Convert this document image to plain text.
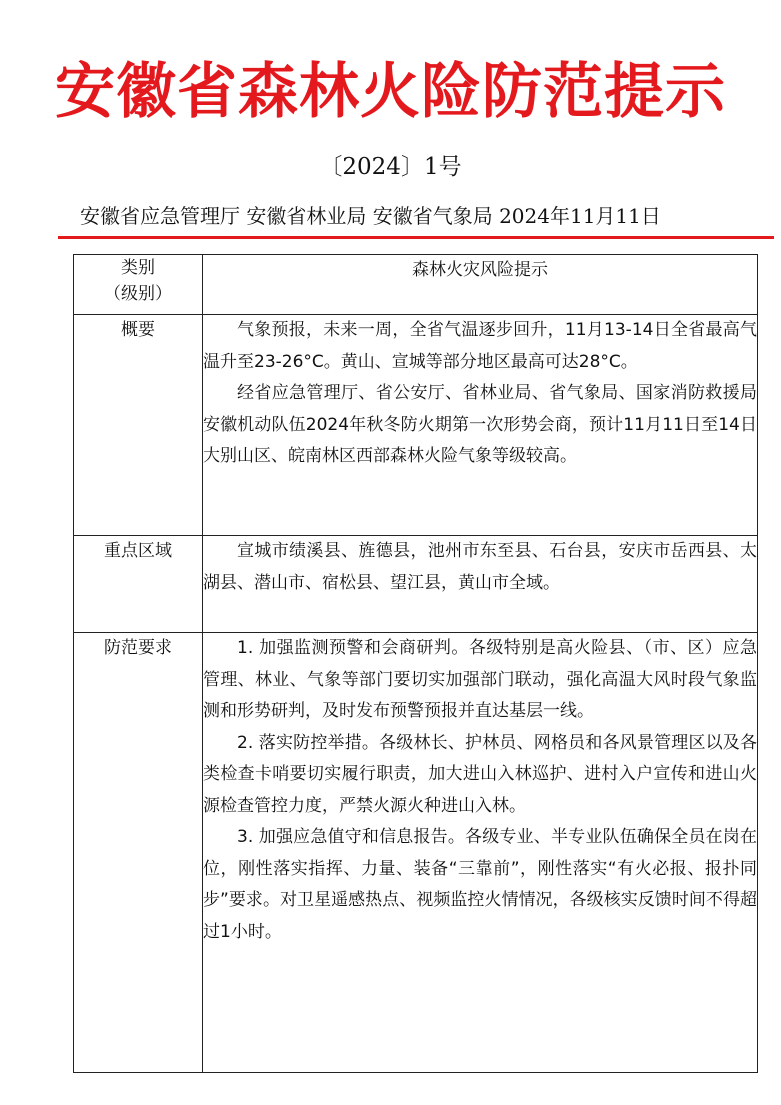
安徽省森林火险防范提示
〔2024〕1号
安徽省应急管理厅 安徽省林业局 安徽省气象局 2024年11月11日
类别
（级别）	森林火灾风险提示
概要	气象预报，未来一周，全省气温逐步回升，11月13-14日全省最高气温升至23-26°C。黄山、宣城等部分地区最高可达28°C。

经省应急管理厅、省公安厅、省林业局、省气象局、国家消防救援局安徽机动队伍2024年秋冬防火期第一次形势会商，预计11月11日至14日大别山区、皖南林区西部森林火险气象等级较高。

重点区域	宣城市绩溪县、旌德县，池州市东至县、石台县，安庆市岳西县、太湖县、潜山市、宿松县、望江县，黄山市全域。

防范要求	1. 加强监测预警和会商研判。各级特别是高火险县、（市、区）应急管理、林业、气象等部门要切实加强部门联动，强化高温大风时段气象监测和形势研判，及时发布预警预报并直达基层一线。

2. 落实防控举措。各级林长、护林员、网格员和各风景管理区以及各类检查卡哨要切实履行职责，加大进山入林巡护、进村入户宣传和进山火源检查管控力度，严禁火源火种进山入林。

3. 加强应急值守和信息报告。各级专业、半专业队伍确保全员在岗在位，刚性落实指挥、力量、装备“三靠前”，刚性落实“有火必报、报扑同步”要求。对卫星遥感热点、视频监控火情情况，各级核实反馈时间不得超过1小时。
